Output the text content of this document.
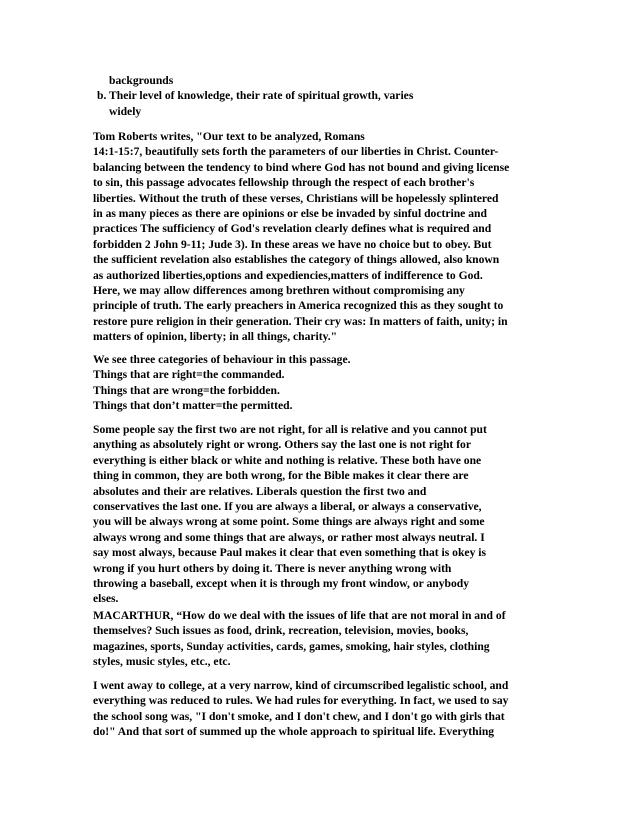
backgrounds
b. Their level of knowledge, their rate of spiritual growth, varies
widely
Tom Roberts writes, "Our text to be analyzed, Romans
14:1-15:7, beautifully sets forth the parameters of our liberties in Christ. Counter-
balancing between the tendency to bind where God has not bound and giving license
to sin, this passage advocates fellowship through the respect of each brother's
liberties. Without the truth of these verses, Christians will be hopelessly splintered
in as many pieces as there are opinions or else be invaded by sinful doctrine and
practices The sufficiency of God's revelation clearly defines what is required and
forbidden 2 John 9-11; Jude 3). In these areas we have no choice but to obey. But
the sufficient revelation also establishes the category of things allowed, also known
as authorized liberties,options and expediencies,matters of indifference to God.
Here, we may allow differences among brethren without compromising any
principle of truth. The early preachers in America recognized this as they sought to
restore pure religion in their generation. Their cry was: In matters of faith, unity; in
matters of opinion, liberty; in all things, charity."
We see three categories of behaviour in this passage.
Things that are right=the commanded.
Things that are wrong=the forbidden.
Things that don’t matter=the permitted.
Some people say the first two are not right, for all is relative and you cannot put
anything as absolutely right or wrong. Others say the last one is not right for
everything is either black or white and nothing is relative. These both have one
thing in common, they are both wrong, for the Bible makes it clear there are
absolutes and their are relatives. Liberals question the first two and
conservatives the last one. If you are always a liberal, or always a conservative,
you will be always wrong at some point. Some things are always right and some
always wrong and some things that are always, or rather most always neutral. I
say most always, because Paul makes it clear that even something that is okey is
wrong if you hurt others by doing it. There is never anything wrong with
throwing a baseball, except when it is through my front window, or anybody
elses.
MACARTHUR, “How do we deal with the issues of life that are not moral in and of
themselves? Such issues as food, drink, recreation, television, movies, books,
magazines, sports, Sunday activities, cards, games, smoking, hair styles, clothing
styles, music styles, etc., etc.
I went away to college, at a very narrow, kind of circumscribed legalistic school, and
everything was reduced to rules. We had rules for everything. In fact, we used to say
the school song was, "I don't smoke, and I don't chew, and I don't go with girls that
do!" And that sort of summed up the whole approach to spiritual life. Everything
